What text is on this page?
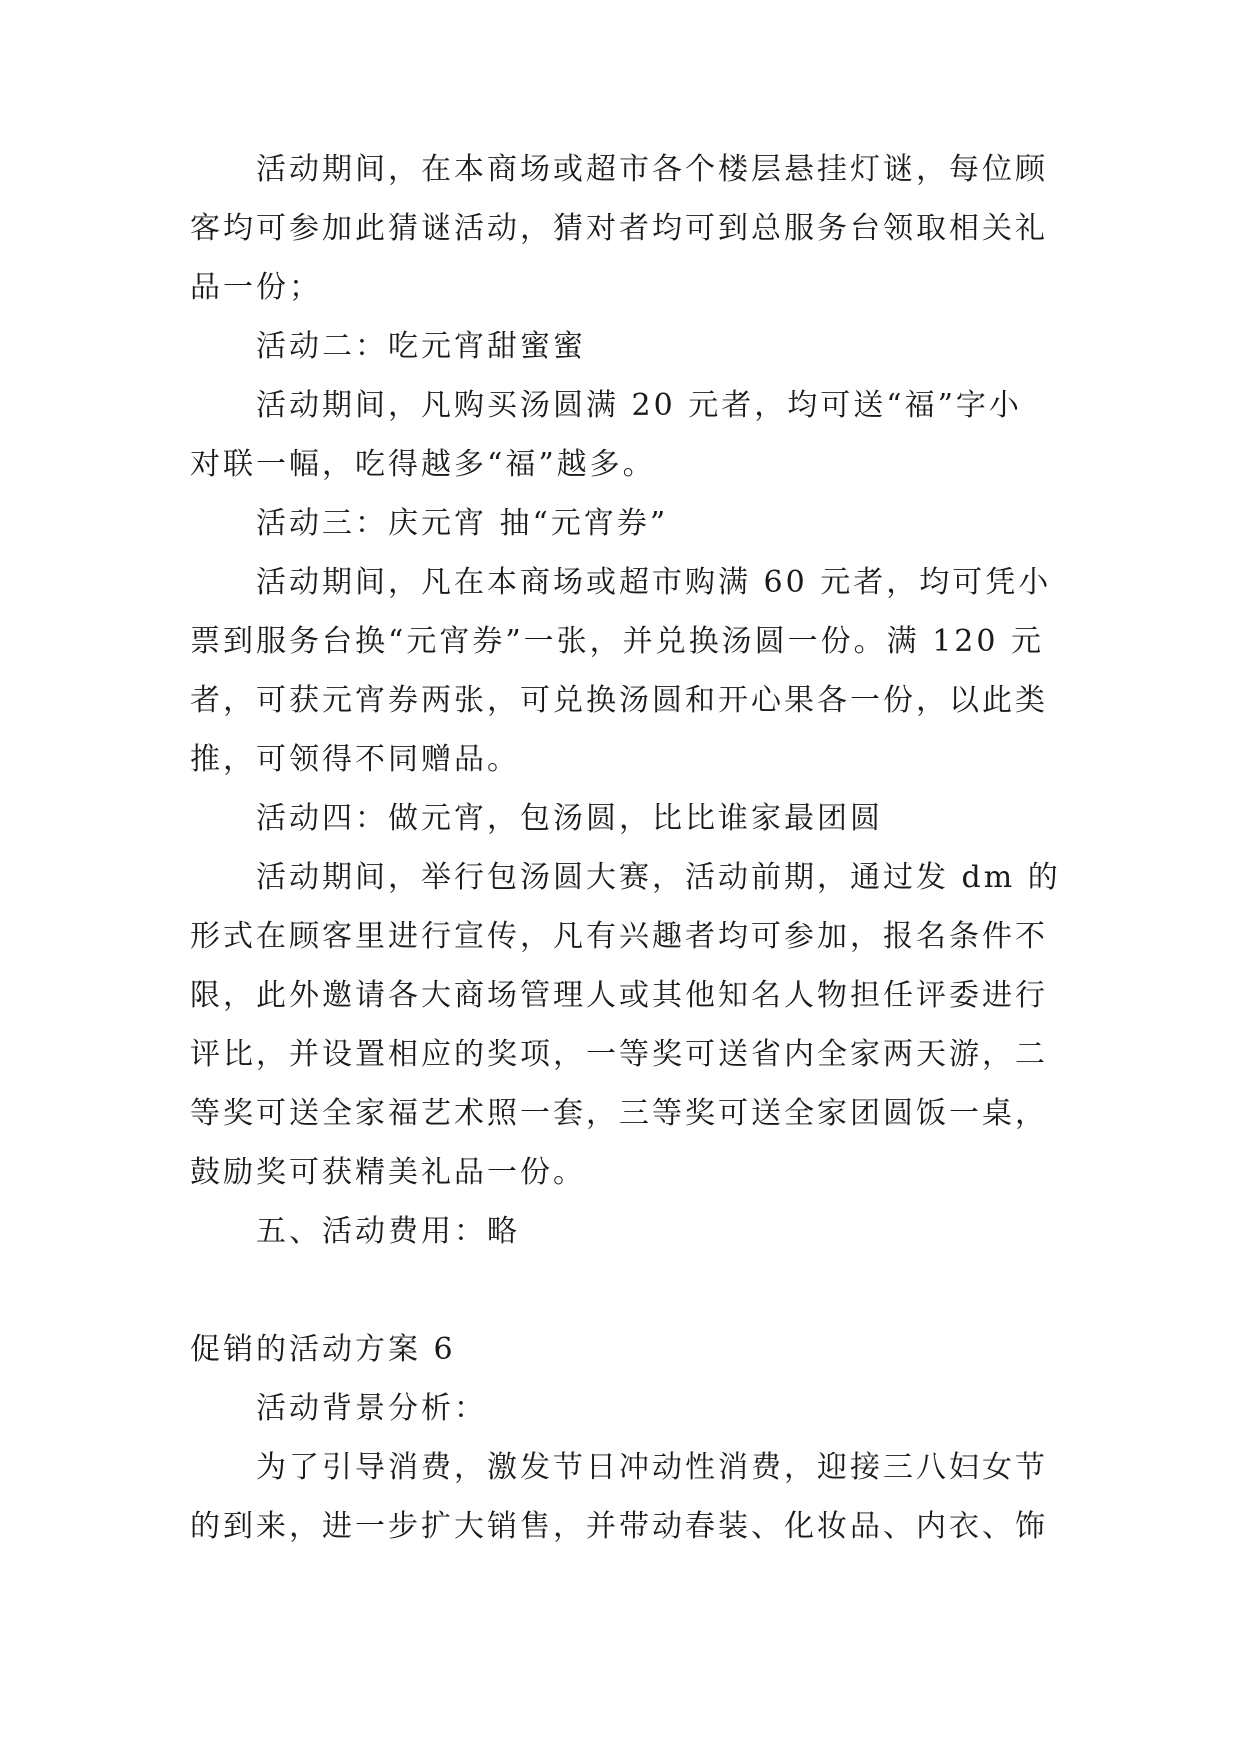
活动期间，在本商场或超市各个楼层悬挂灯谜，每位顾
客均可参加此猜谜活动，猜对者均可到总服务台领取相关礼
品一份；
活动二：吃元宵甜蜜蜜
活动期间，凡购买汤圆满 20 元者，均可送“福”字小
对联一幅，吃得越多“福”越多。
活动三：庆元宵 抽“元宵券”
活动期间，凡在本商场或超市购满 60 元者，均可凭小
票到服务台换“元宵券”一张，并兑换汤圆一份。满 120 元
者，可获元宵券两张，可兑换汤圆和开心果各一份，以此类
推，可领得不同赠品。
活动四：做元宵，包汤圆，比比谁家最团圆
活动期间，举行包汤圆大赛，活动前期，通过发 dm 的
形式在顾客里进行宣传，凡有兴趣者均可参加，报名条件不
限，此外邀请各大商场管理人或其他知名人物担任评委进行
评比，并设置相应的奖项，一等奖可送省内全家两天游，二
等奖可送全家福艺术照一套，三等奖可送全家团圆饭一桌，
鼓励奖可获精美礼品一份。
五、活动费用：略
促销的活动方案 6
活动背景分析：
为了引导消费，激发节日冲动性消费，迎接三八妇女节
的到来，进一步扩大销售，并带动春装、化妆品、内衣、饰
